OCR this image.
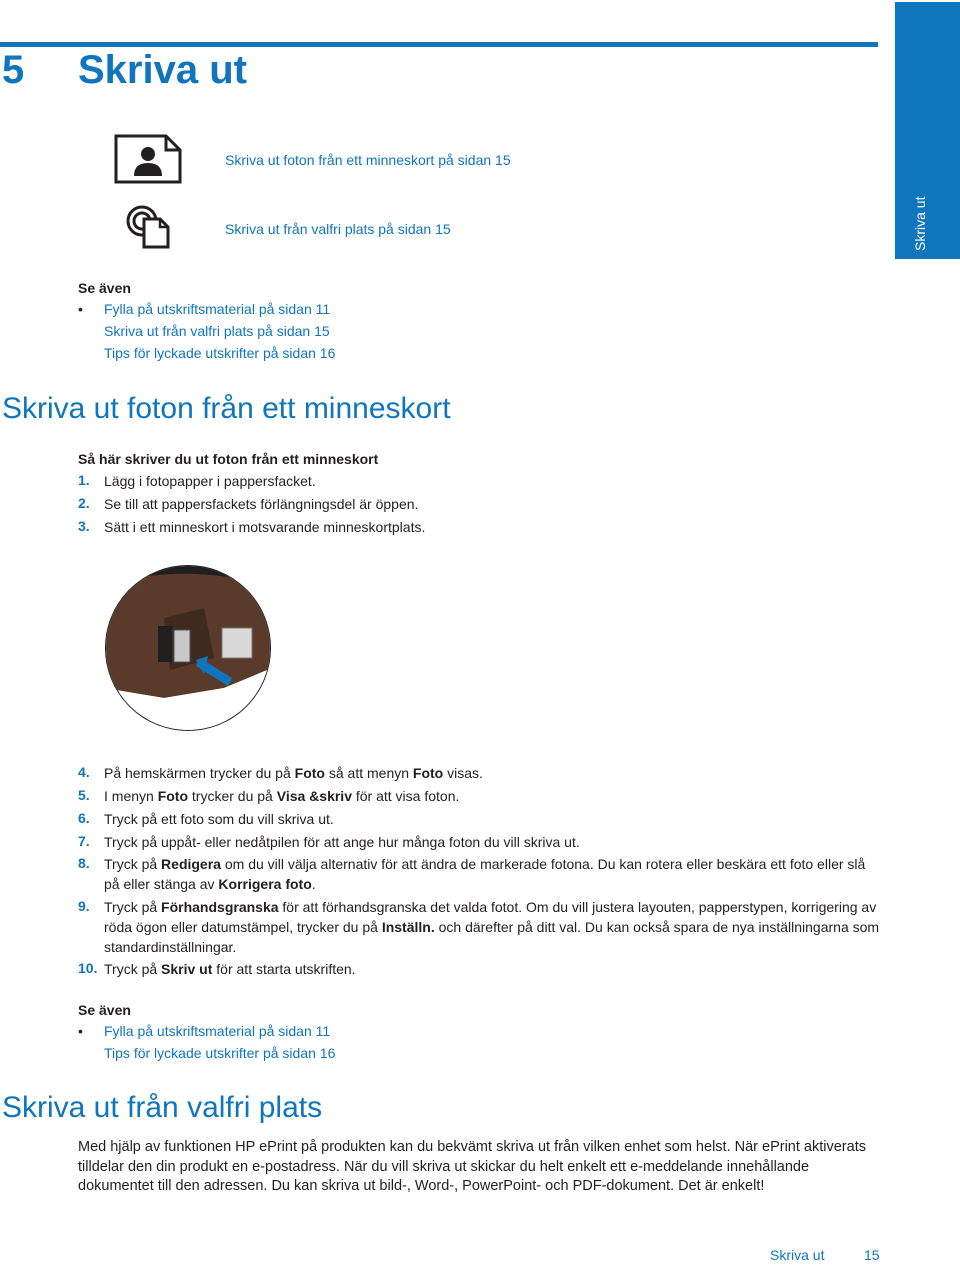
Skriva ut
5 Skriva ut
Skriva ut foton från ett minneskort på sidan 15
Skriva ut från valfri plats på sidan 15
Se även
• Fylla på utskriftsmaterial på sidan 11
Skriva ut från valfri plats på sidan 15
Tips för lyckade utskrifter på sidan 16
Skriva ut foton från ett minneskort
Så här skriver du ut foton från ett minneskort
1. Lägg i fotopapper i pappersfacket.
2. Se till att pappersfackets förlängningsdel är öppen.
3. Sätt i ett minneskort i motsvarande minneskortplats.
4. På hemskärmen trycker du på Foto så att menyn Foto visas.
5. I menyn Foto trycker du på Visa &skriv för att visa foton.
6. Tryck på ett foto som du vill skriva ut.
7. Tryck på uppåt- eller nedåtpilen för att ange hur många foton du vill skriva ut.
8. Tryck på Redigera om du vill välja alternativ för att ändra de markerade fotona. Du kan rotera eller beskära ett foto eller slå på eller stänga av Korrigera foto.
9. Tryck på Förhandsgranska för att förhandsgranska det valda fotot. Om du vill justera layouten, papperstypen, korrigering av röda ögon eller datumstämpel, trycker du på Inställn. och därefter på ditt val. Du kan också spara de nya inställningarna som standardinställningar.
10. Tryck på Skriv ut för att starta utskriften.
Se även
• Fylla på utskriftsmaterial på sidan 11
Tips för lyckade utskrifter på sidan 16
Skriva ut från valfri plats
Med hjälp av funktionen HP ePrint på produkten kan du bekvämt skriva ut från vilken enhet som helst. När ePrint aktiverats tilldelar den din produkt en e-postadress. När du vill skriva ut skickar du helt enkelt ett e-meddelande innehållande dokumentet till den adressen. Du kan skriva ut bild-, Word-, PowerPoint- och PDF-dokument. Det är enkelt!
Skriva ut	15
